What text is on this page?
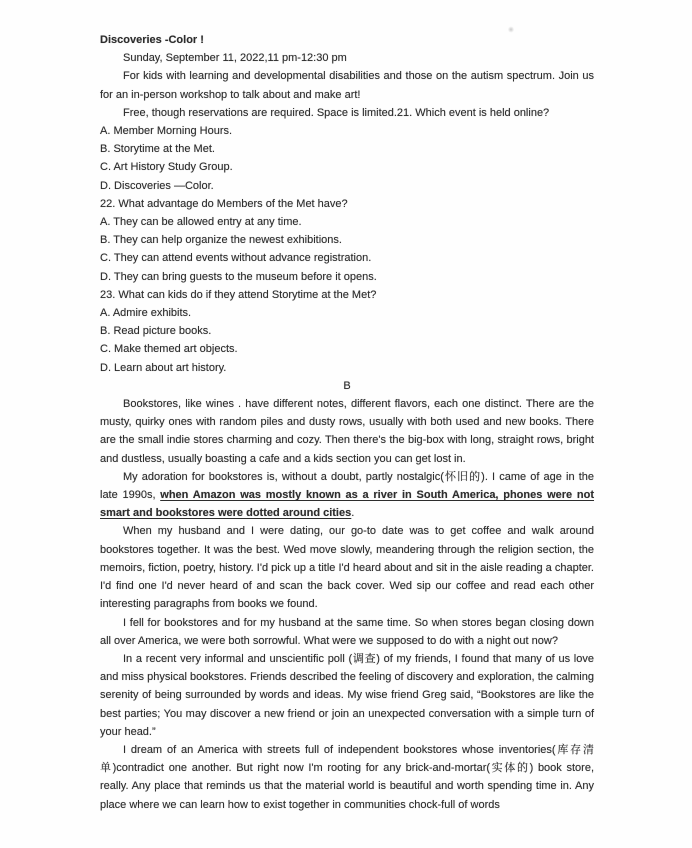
Discoveries -Color !
Sunday, September 11, 2022,11 pm-12:30 pm
For kids with learning and developmental disabilities and those on the autism spectrum. Join us for an in-person workshop to talk about and make art!
Free, though reservations are required. Space is limited.21. Which event is held online?
A. Member Morning Hours.
B. Storytime at the Met.
C. Art History Study Group.
D. Discoveries —Color.
22. What advantage do Members of the Met have?
A. They can be allowed entry at any time.
B. They can help organize the newest exhibitions.
C. They can attend events without advance registration.
D. They can bring guests to the museum before it opens.
23. What can kids do if they attend Storytime at the Met?
A. Admire exhibits.
B. Read picture books.
C. Make themed art objects.
D. Learn about art history.
B
Bookstores, like wines . have different notes, different flavors, each one distinct. There are the musty, quirky ones with random piles and dusty rows, usually with both used and new books. There are the small indie stores charming and cozy. Then there's the big-box with long, straight rows, bright and dustless, usually boasting a cafe and a kids section you can get lost in.
My adoration for bookstores is, without a doubt, partly nostalgic(怀旧的). I came of age in the late 1990s, when Amazon was mostly known as a river in South America, phones were not smart and bookstores were dotted around cities.
When my husband and I were dating, our go-to date was to get coffee and walk around bookstores together. It was the best. Wed move slowly, meandering through the religion section, the memoirs, fiction, poetry, history. I'd pick up a title I'd heard about and sit in the aisle reading a chapter. I'd find one I'd never heard of and scan the back cover. Wed sip our coffee and read each other interesting paragraphs from books we found.
I fell for bookstores and for my husband at the same time. So when stores began closing down all over America, we were both sorrowful. What were we supposed to do with a night out now?
In a recent very informal and unscientific poll (调查) of my friends, I found that many of us love and miss physical bookstores. Friends described the feeling of discovery and exploration, the calming serenity of being surrounded by words and ideas. My wise friend Greg said, “Bookstores are like the best parties; You may discover a new friend or join an unexpected conversation with a simple turn of your head.”
I dream of an America with streets full of independent bookstores whose inventories(库存清单)contradict one another. But right now I'm rooting for any brick-and-mortar(实体的) book store, really. Any place that reminds us that the material world is beautiful and worth spending time in. Any place where we can learn how to exist together in communities chock-full of words
